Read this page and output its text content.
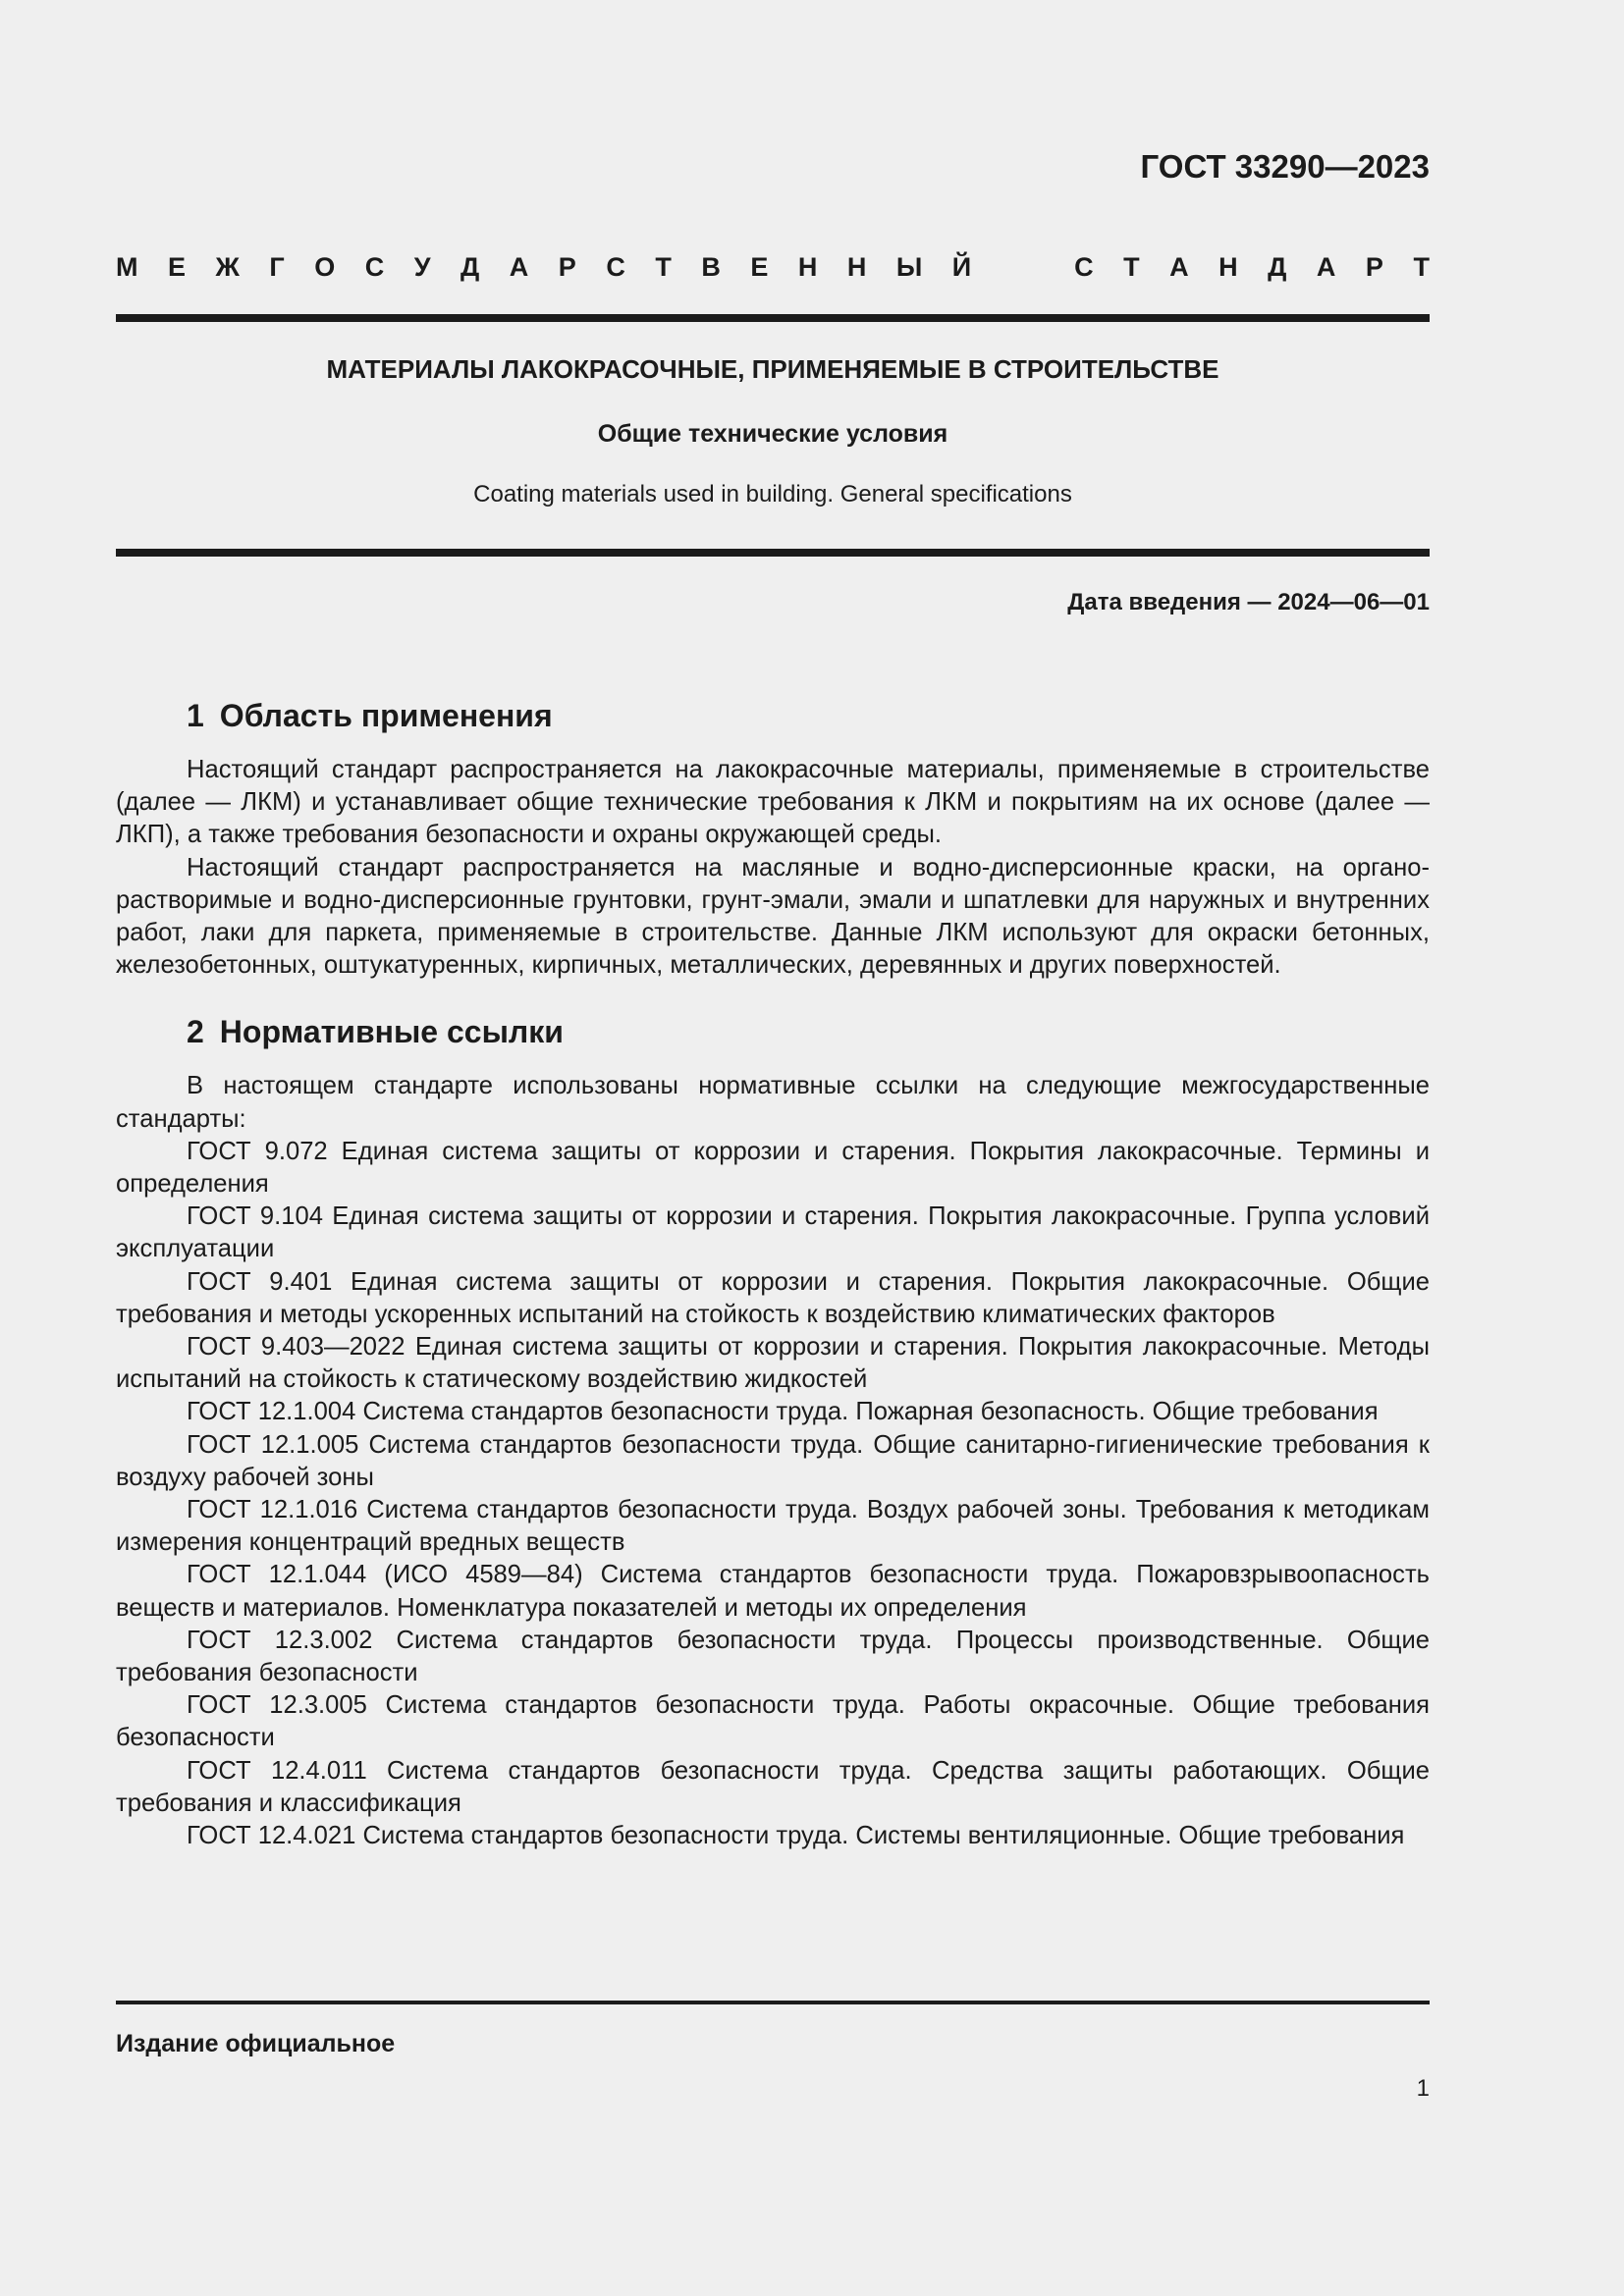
ГОСТ 33290—2023
М Е Ж Г О С У Д А Р С Т В Е Н Н Ы Й	С Т А Н Д А Р Т
МАТЕРИАЛЫ ЛАКОКРАСОЧНЫЕ, ПРИМЕНЯЕМЫЕ В СТРОИТЕЛЬСТВЕ
Общие технические условия
Coating materials used in building. General specifications
Дата введения — 2024—06—01
1 Область применения

Настоящий стандарт распространяется на лакокрасочные материалы, применяемые в строительстве (далее — ЛКМ) и устанавливает общие технические требования к ЛКМ и покрытиям на их основе (далее — ЛКП), а также требования безопасности и охраны окружающей среды.

Настоящий стандарт распространяется на масляные и водно-дисперсионные краски, на органорастворимые и водно-дисперсионные грунтовки, грунт-эмали, эмали и шпатлевки для наружных и внутренних работ, лаки для паркета, применяемые в строительстве. Данные ЛКМ используют для окраски бетонных, железобетонных, оштукатуренных, кирпичных, металлических, деревянных и других поверхностей.

2 Нормативные ссылки

В настоящем стандарте использованы нормативные ссылки на следующие межгосударственные стандарты:

ГОСТ 9.072 Единая система защиты от коррозии и старения. Покрытия лакокрасочные. Термины и определения

ГОСТ 9.104 Единая система защиты от коррозии и старения. Покрытия лакокрасочные. Группа условий эксплуатации

ГОСТ 9.401 Единая система защиты от коррозии и старения. Покрытия лакокрасочные. Общие требования и методы ускоренных испытаний на стойкость к воздействию климатических факторов

ГОСТ 9.403—2022 Единая система защиты от коррозии и старения. Покрытия лакокрасочные. Методы испытаний на стойкость к статическому воздействию жидкостей

ГОСТ 12.1.004 Система стандартов безопасности труда. Пожарная безопасность. Общие требования

ГОСТ 12.1.005 Система стандартов безопасности труда. Общие санитарно-гигиенические требования к воздуху рабочей зоны

ГОСТ 12.1.016 Система стандартов безопасности труда. Воздух рабочей зоны. Требования к методикам измерения концентраций вредных веществ

ГОСТ 12.1.044 (ИСО 4589—84) Система стандартов безопасности труда. Пожаровзрывоопасность веществ и материалов. Номенклатура показателей и методы их определения

ГОСТ 12.3.002 Система стандартов безопасности труда. Процессы производственные. Общие требования безопасности

ГОСТ 12.3.005 Система стандартов безопасности труда. Работы окрасочные. Общие требования безопасности

ГОСТ 12.4.011 Система стандартов безопасности труда. Средства защиты работающих. Общие требования и классификация

ГОСТ 12.4.021 Система стандартов безопасности труда. Системы вентиляционные. Общие требования

Издание официальное
1
